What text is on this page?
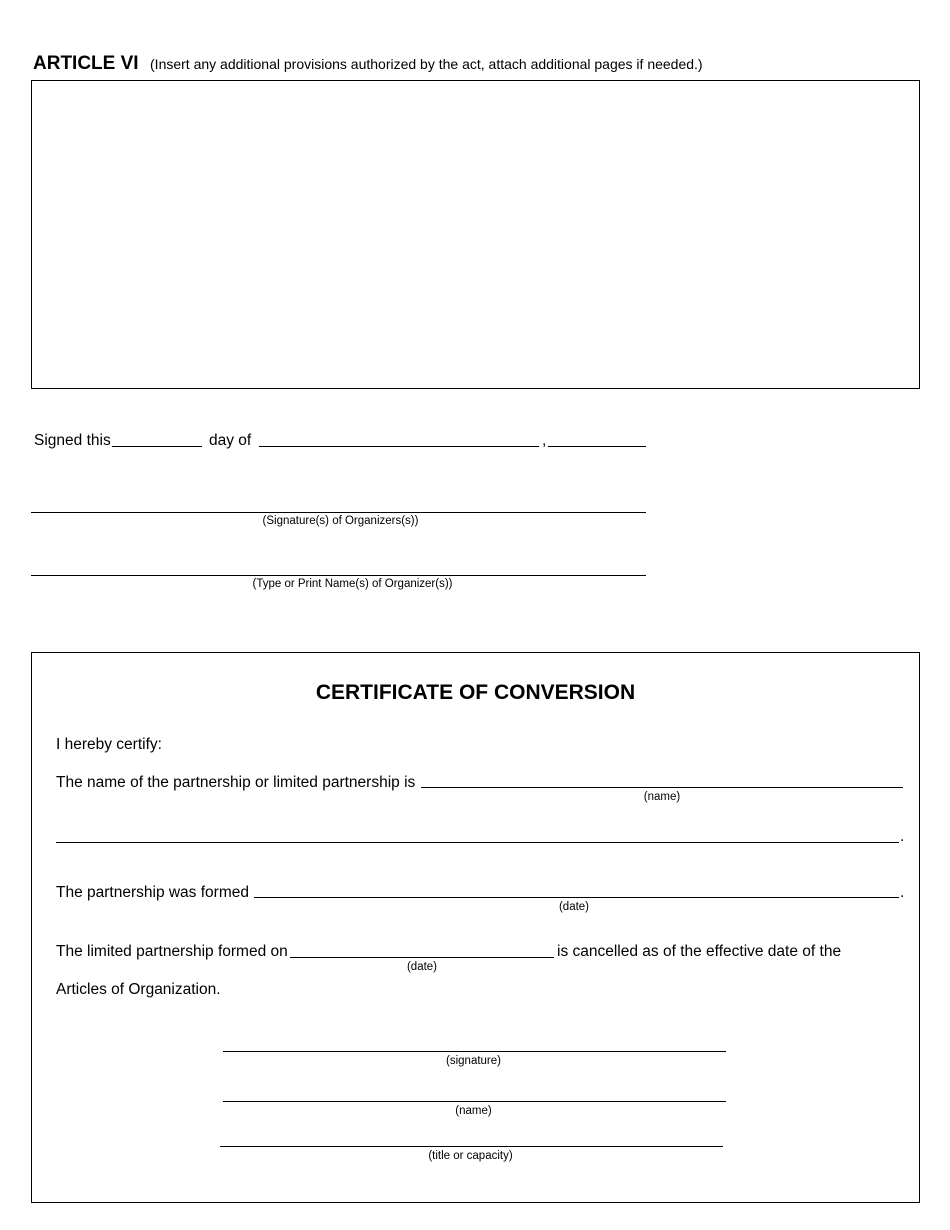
ARTICLE VI (Insert any additional provisions authorized by the act, attach additional pages if needed.)
Signed this	day of	,
(Signature(s) of Organizers(s))
(Type or Print Name(s) of Organizer(s))
CERTIFICATE OF CONVERSION
I hereby certify:
The name of the partnership or limited partnership is
(name)
.
The partnership was formed	.
(date)
The limited partnership formed on
(date)
is cancelled as of the effective date of the
Articles of Organization.
(signature)
(name)
(title or capacity)
